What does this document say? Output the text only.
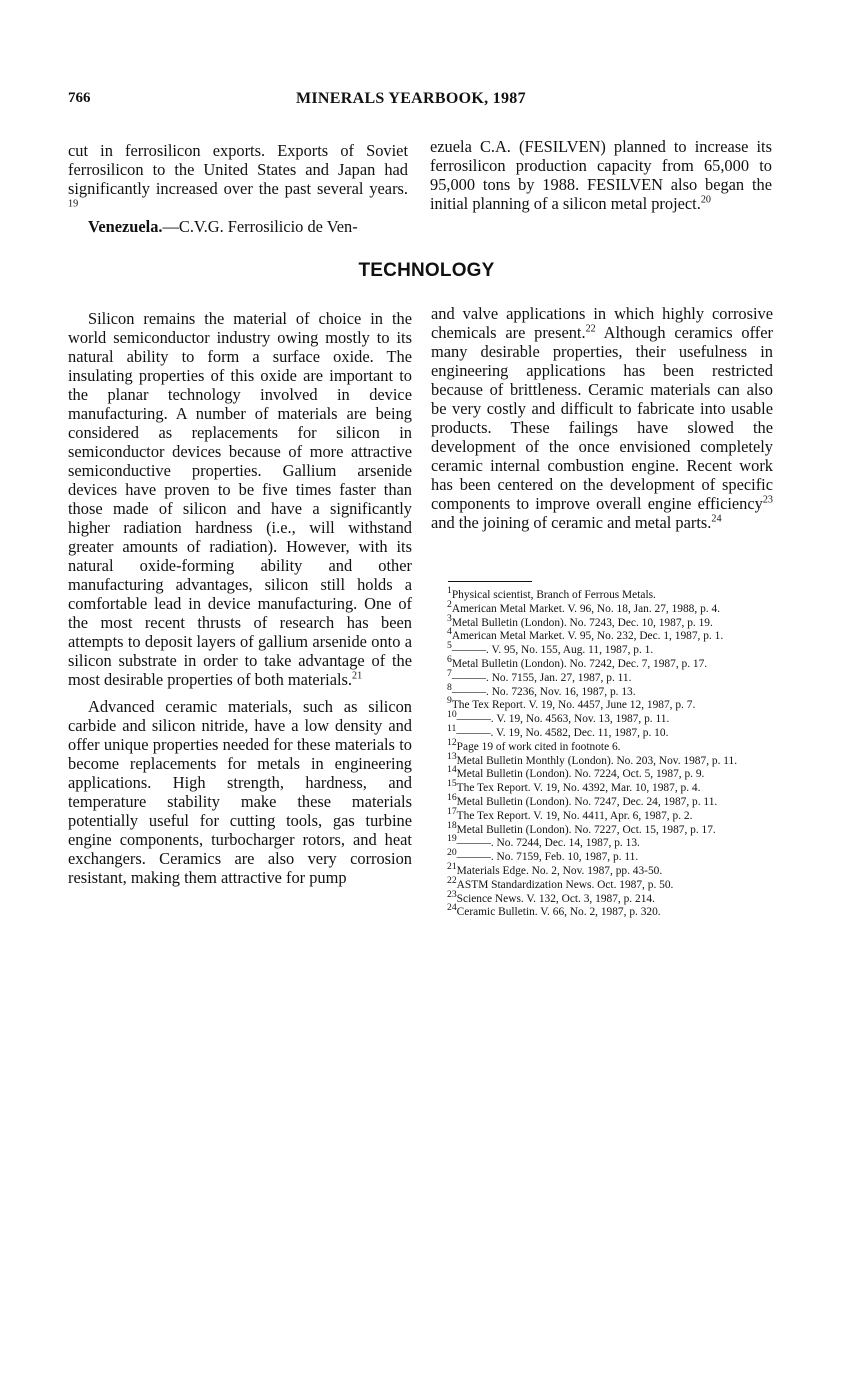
766	MINERALS YEARBOOK, 1987

cut in ferrosilicon exports. Exports of Soviet ferrosilicon to the United States and Japan had significantly increased over the past several years. $^{19}$

Venezuela.—C.V.G. Ferrosilicio de Ven-

ezuela C.A. (FESILVEN) planned to increase its ferrosilicon production capacity from 65,000 to 95,000 tons by 1988. FESILVEN also began the initial planning of a silicon metal project.$^{20}$

TECHNOLOGY

Silicon remains the material of choice in the world semiconductor industry owing mostly to its natural ability to form a surface oxide. The insulating properties of this oxide are important to the planar technology involved in device manufacturing. A number of materials are being considered as replacements for silicon in semiconductor devices because of more attractive semiconductive properties. Gallium arsenide devices have proven to be five times faster than those made of silicon and have a significantly higher radiation hardness (i.e., will withstand greater amounts of radiation). However, with its natural oxide-forming ability and other manufacturing advantages, silicon still holds a comfortable lead in device manufacturing. One of the most recent thrusts of research has been attempts to deposit layers of gallium arsenide onto a silicon substrate in order to take advantage of the most desirable properties of both materials.$^{21}$

Advanced ceramic materials, such as silicon carbide and silicon nitride, have a low density and offer unique properties needed for these materials to become replacements for metals in engineering applications. High strength, hardness, and temperature stability make these materials potentially useful for cutting tools, gas turbine engine components, turbocharger rotors, and heat exchangers. Ceramics are also very corrosion resistant, making them attractive for pump

and valve applications in which highly corrosive chemicals are present.$^{22}$ Although ceramics offer many desirable properties, their usefulness in engineering applications has been restricted because of brittleness. Ceramic materials can also be very costly and difficult to fabricate into usable products. These failings have slowed the development of the once envisioned completely ceramic internal combustion engine. Recent work has been centered on the development of specific components to improve overall engine efficiency$^{23}$ and the joining of ceramic and metal parts.$^{24}$

$^1$Physical scientist, Branch of Ferrous Metals.

$^2$American Metal Market. V. 96, No. 18, Jan. 27, 1988, p. 4.

$^3$Metal Bulletin (London). No. 7243, Dec. 10, 1987, p. 19.

$^4$American Metal Market. V. 95, No. 232, Dec. 1, 1987, p. 1.

$^5$———. V. 95, No. 155, Aug. 11, 1987, p. 1.

$^6$Metal Bulletin (London). No. 7242, Dec. 7, 1987, p. 17.

$^7$———. No. 7155, Jan. 27, 1987, p. 11.

$^8$———. No. 7236, Nov. 16, 1987, p. 13.

$^9$The Tex Report. V. 19, No. 4457, June 12, 1987, p. 7.

$^{10}$———. V. 19, No. 4563, Nov. 13, 1987, p. 11.

$^{11}$———. V. 19, No. 4582, Dec. 11, 1987, p. 10.

$^{12}$Page 19 of work cited in footnote 6.

$^{13}$Metal Bulletin Monthly (London). No. 203, Nov. 1987, p. 11.

$^{14}$Metal Bulletin (London). No. 7224, Oct. 5, 1987, p. 9.

$^{15}$The Tex Report. V. 19, No. 4392, Mar. 10, 1987, p. 4.

$^{16}$Metal Bulletin (London). No. 7247, Dec. 24, 1987, p. 11.

$^{17}$The Tex Report. V. 19, No. 4411, Apr. 6, 1987, p. 2.

$^{18}$Metal Bulletin (London). No. 7227, Oct. 15, 1987, p. 17.

$^{19}$———. No. 7244, Dec. 14, 1987, p. 13.

$^{20}$———. No. 7159, Feb. 10, 1987, p. 11.

$^{21}$Materials Edge. No. 2, Nov. 1987, pp. 43-50.

$^{22}$ASTM Standardization News. Oct. 1987, p. 50.

$^{23}$Science News. V. 132, Oct. 3, 1987, p. 214.

$^{24}$Ceramic Bulletin. V. 66, No. 2, 1987, p. 320.
